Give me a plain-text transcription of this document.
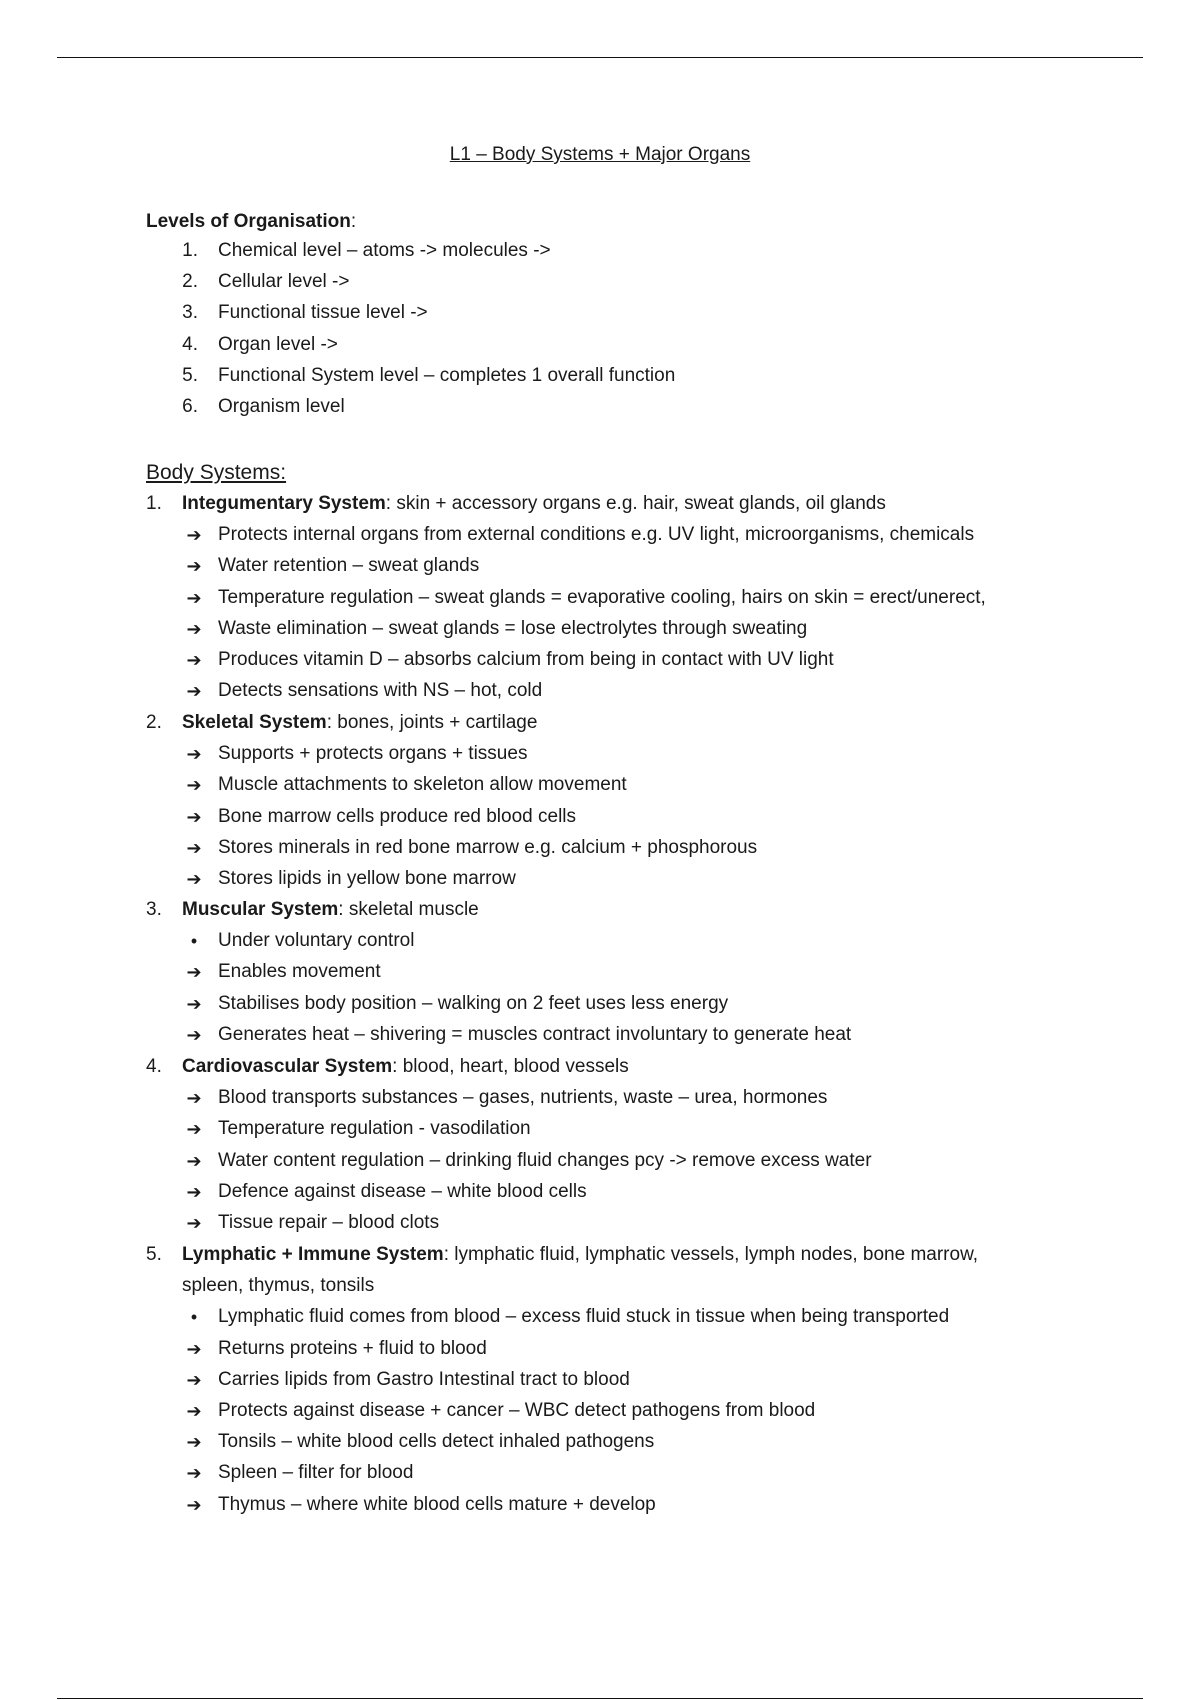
L1 – Body Systems + Major Organs
Levels of Organisation:
1. Chemical level – atoms -> molecules ->
2. Cellular level ->
3. Functional tissue level ->
4. Organ level ->
5. Functional System level – completes 1 overall function
6. Organism level
Body Systems:
1. Integumentary System: skin + accessory organs e.g. hair, sweat glands, oil glands
➔ Protects internal organs from external conditions e.g. UV light, microorganisms, chemicals
➔ Water retention – sweat glands
➔ Temperature regulation – sweat glands = evaporative cooling, hairs on skin = erect/unerect,
➔ Waste elimination – sweat glands = lose electrolytes through sweating
➔ Produces vitamin D – absorbs calcium from being in contact with UV light
➔ Detects sensations with NS – hot, cold
2. Skeletal System: bones, joints + cartilage
➔ Supports + protects organs + tissues
➔ Muscle attachments to skeleton allow movement
➔ Bone marrow cells produce red blood cells
➔ Stores minerals in red bone marrow e.g. calcium + phosphorous
➔ Stores lipids in yellow bone marrow
3. Muscular System: skeletal muscle
•	Under voluntary control
➔ Enables movement
➔ Stabilises body position – walking on 2 feet uses less energy
➔ Generates heat – shivering = muscles contract involuntary to generate heat
4. Cardiovascular System: blood, heart, blood vessels
➔ Blood transports substances – gases, nutrients, waste – urea, hormones
➔ Temperature regulation - vasodilation
➔ Water content regulation – drinking fluid changes pcy -> remove excess water
➔ Defence against disease – white blood cells
➔ Tissue repair – blood clots
5. Lymphatic + Immune System: lymphatic fluid, lymphatic vessels, lymph nodes, bone marrow,
spleen, thymus, tonsils
•	Lymphatic fluid comes from blood – excess fluid stuck in tissue when being transported
➔ Returns proteins + fluid to blood
➔ Carries lipids from Gastro Intestinal tract to blood
➔ Protects against disease + cancer – WBC detect pathogens from blood
➔ Tonsils – white blood cells detect inhaled pathogens
➔ Spleen – filter for blood
➔ Thymus – where white blood cells mature + develop
